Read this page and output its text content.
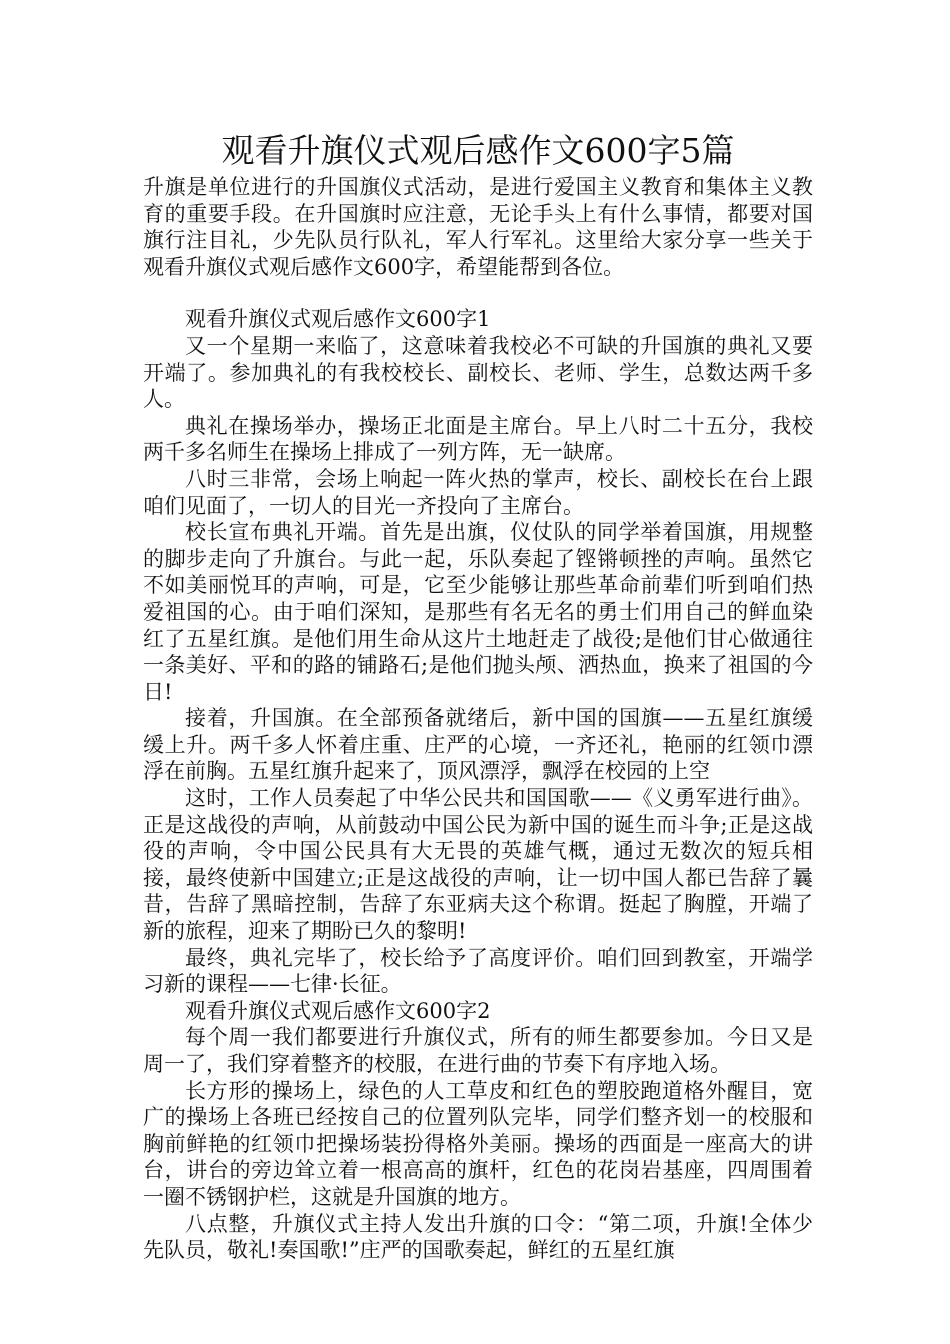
观看升旗仪式观后感作文600字5篇

升旗是单位进行的升国旗仪式活动，是进行爱国主义教育和集体主义教育的重要手段。在升国旗时应注意，无论手头上有什么事情，都要对国旗行注目礼，少先队员行队礼，军人行军礼。这里给大家分享一些关于观看升旗仪式观后感作文600字，希望能帮到各位。

观看升旗仪式观后感作文600字1

又一个星期一来临了，这意味着我校必不可缺的升国旗的典礼又要开端了。参加典礼的有我校校长、副校长、老师、学生，总数达两千多人。

典礼在操场举办，操场正北面是主席台。早上八时二十五分，我校两千多名师生在操场上排成了一列方阵，无一缺席。

八时三非常，会场上响起一阵火热的掌声，校长、副校长在台上跟咱们见面了，一切人的目光一齐投向了主席台。

校长宣布典礼开端。首先是出旗，仪仗队的同学举着国旗，用规整的脚步走向了升旗台。与此一起，乐队奏起了铿锵顿挫的声响。虽然它不如美丽悦耳的声响，可是，它至少能够让那些革命前辈们听到咱们热爱祖国的心。由于咱们深知，是那些有名无名的勇士们用自己的鲜血染红了五星红旗。是他们用生命从这片土地赶走了战役;是他们甘心做通往一条美好、平和的路的铺路石;是他们抛头颅、洒热血，换来了祖国的今日!

接着，升国旗。在全部预备就绪后，新中国的国旗——五星红旗缓缓上升。两千多人怀着庄重、庄严的心境，一齐还礼，艳丽的红领巾漂浮在前胸。五星红旗升起来了，顶风漂浮，飘浮在校园的上空

这时，工作人员奏起了中华公民共和国国歌——《义勇军进行曲》。正是这战役的声响，从前鼓动中国公民为新中国的诞生而斗争;正是这战役的声响，令中国公民具有大无畏的英雄气概，通过无数次的短兵相接，最终使新中国建立;正是这战役的声响，让一切中国人都已告辞了曩昔，告辞了黑暗控制，告辞了东亚病夫这个称谓。挺起了胸膛，开端了新的旅程，迎来了期盼已久的黎明!

最终，典礼完毕了，校长给予了高度评价。咱们回到教室，开端学习新的课程——七律·长征。

观看升旗仪式观后感作文600字2

每个周一我们都要进行升旗仪式，所有的师生都要参加。今日又是周一了，我们穿着整齐的校服，在进行曲的节奏下有序地入场。

长方形的操场上，绿色的人工草皮和红色的塑胶跑道格外醒目，宽广的操场上各班已经按自己的位置列队完毕，同学们整齐划一的校服和胸前鲜艳的红领巾把操场装扮得格外美丽。操场的西面是一座高大的讲台，讲台的旁边耸立着一根高高的旗杆，红色的花岗岩基座，四周围着一圈不锈钢护栏，这就是升国旗的地方。

八点整，升旗仪式主持人发出升旗的口令：“第二项，升旗!全体少先队员，敬礼!奏国歌!”庄严的国歌奏起，鲜红的五星红旗
